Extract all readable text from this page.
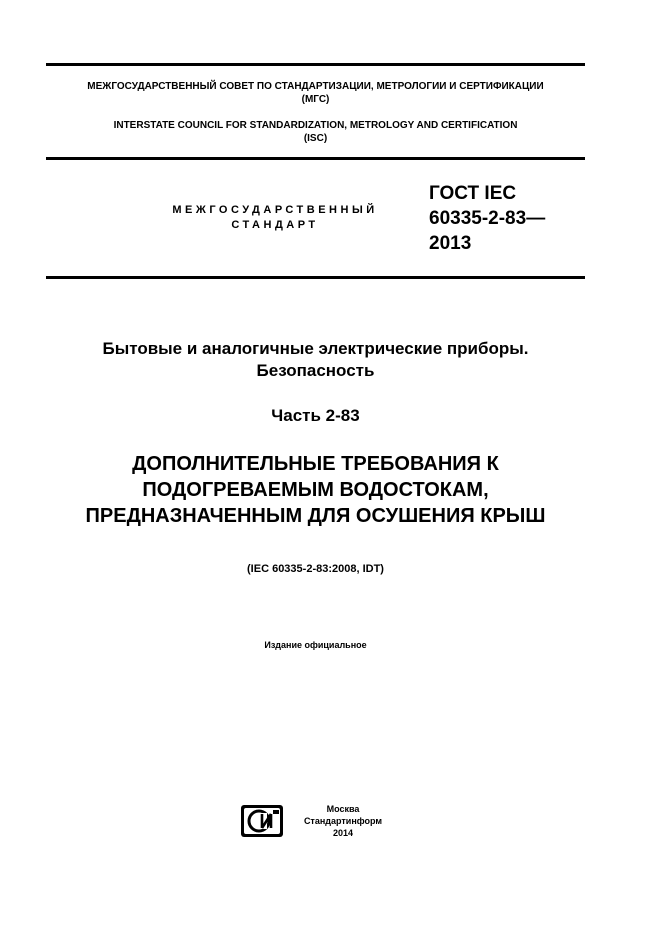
МЕЖГОСУДАРСТВЕННЫЙ СОВЕТ ПО СТАНДАРТИЗАЦИИ, МЕТРОЛОГИИ И СЕРТИФИКАЦИИ
(МГС)
INTERSTATE COUNCIL FOR STANDARDIZATION, METROLOGY AND CERTIFICATION
(ISC)
МЕЖГОСУДАРСТВЕННЫЙ
СТАНДАРТ
ГОСТ IEC
60335-2-83—
2013
Бытовые и аналогичные электрические приборы.
Безопасность
Часть 2-83
ДОПОЛНИТЕЛЬНЫЕ ТРЕБОВАНИЯ К
ПОДОГРЕВАЕМЫМ ВОДОСТОКАМ,
ПРЕДНАЗНАЧЕННЫМ ДЛЯ ОСУШЕНИЯ КРЫШ
(IEC 60335-2-83:2008, IDT)
Издание официальное
Москва
Стандартинформ
2014
